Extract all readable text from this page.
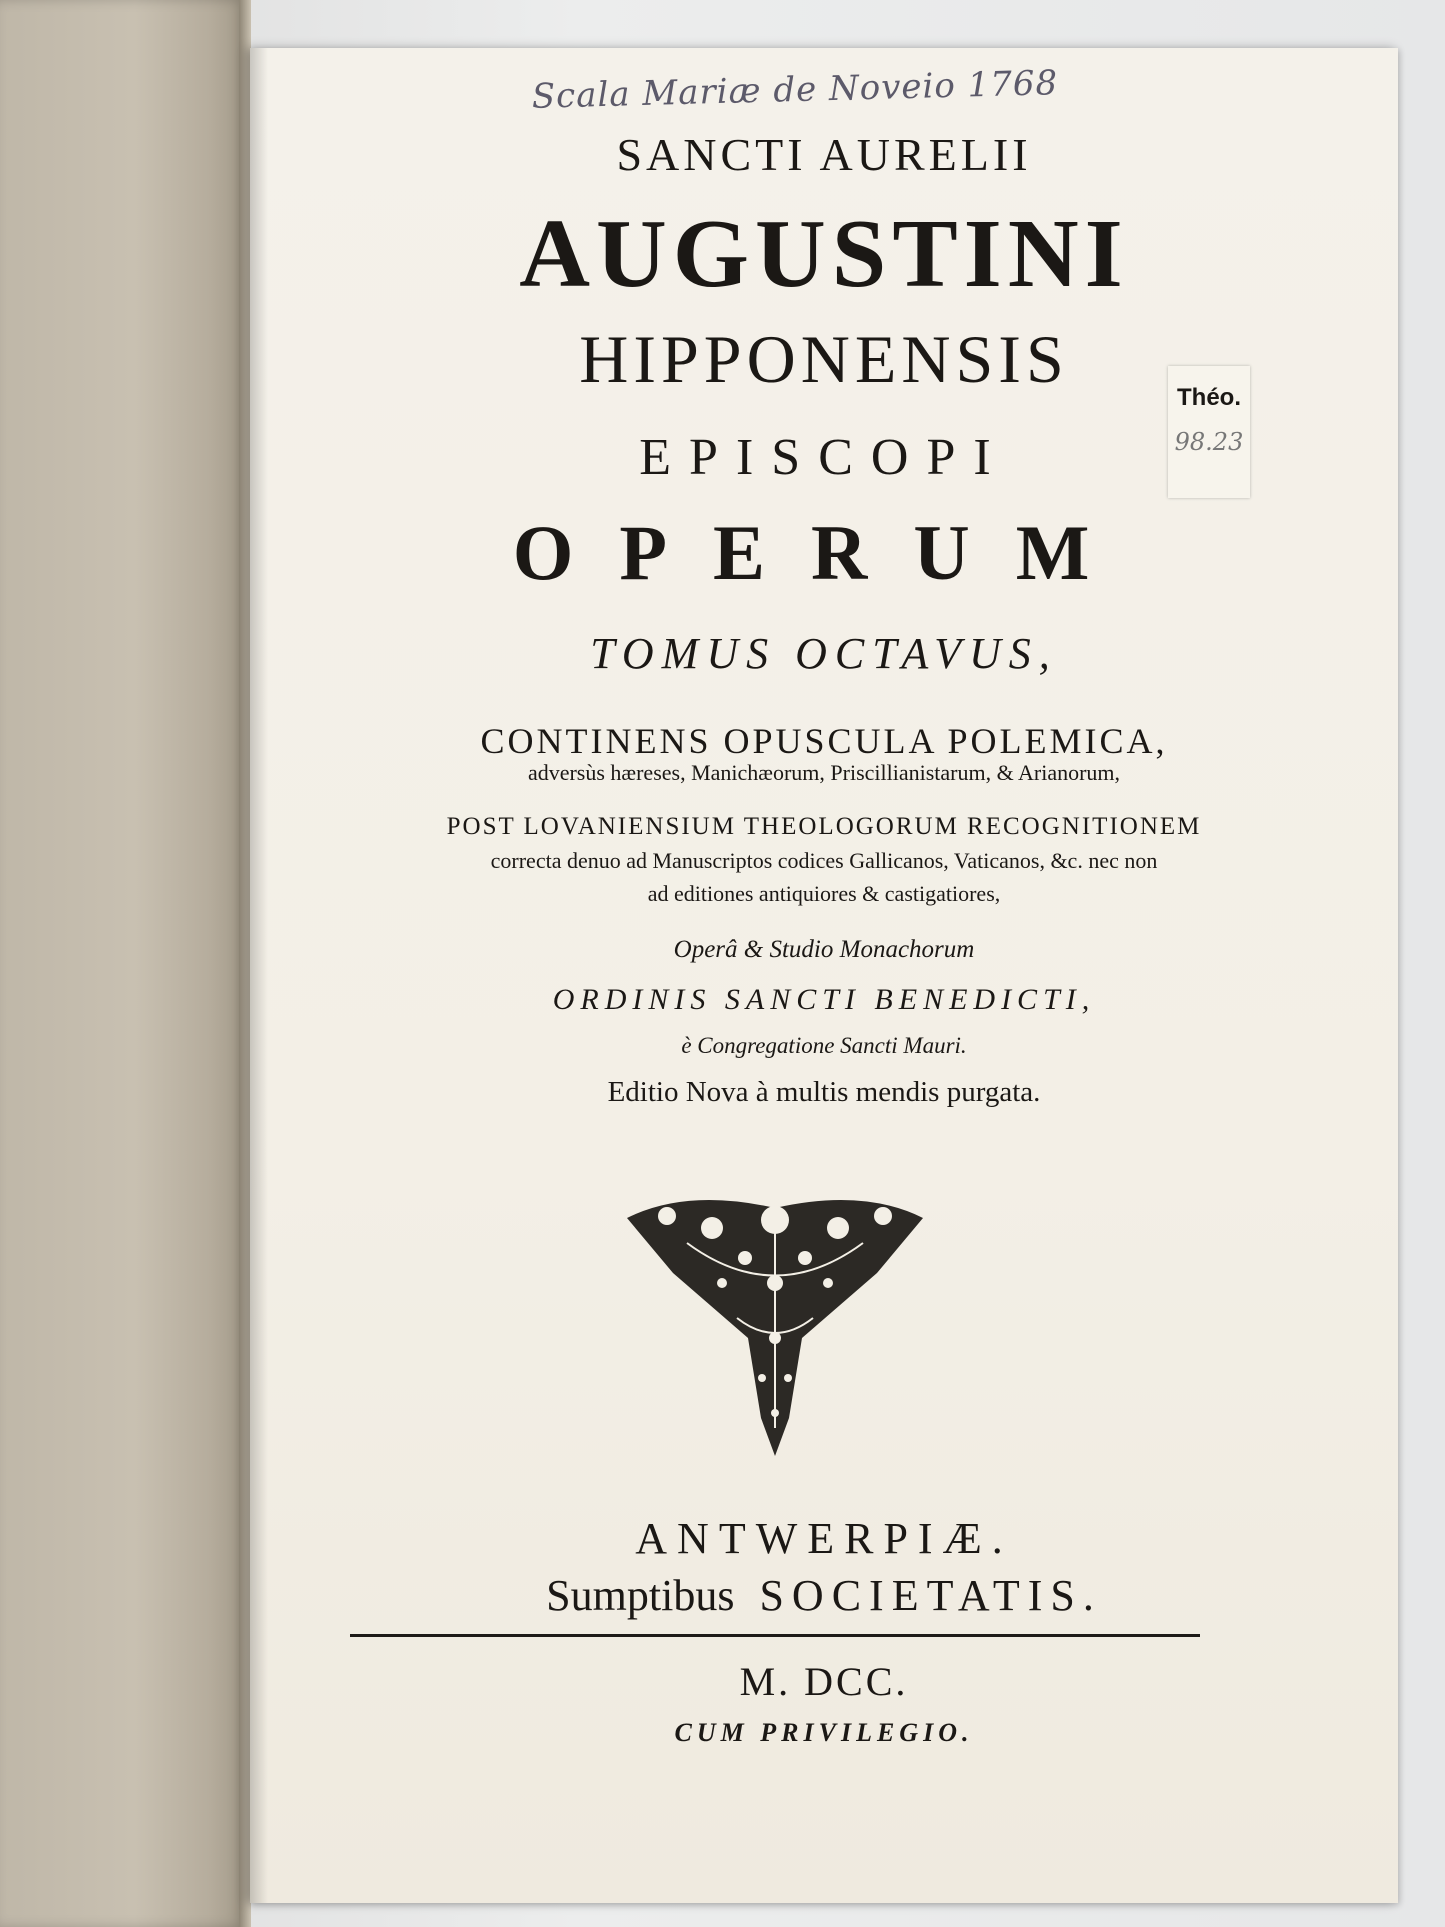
Scala Mariæ de Noveio 1768
Théo.
98.23
SANCTI AURELII
AUGUSTINI
HIPPONENSIS
EPISCOPI
OPERUM
TOMUS OCTAVUS,
CONTINENS OPUSCULA POLEMICA,
adversùs hæreses, Manichæorum, Priscillianistarum, & Arianorum,
POST LOVANIENSIUM THEOLOGORUM RECOGNITIONEM
correcta denuo ad Manuscriptos codices Gallicanos, Vaticanos, &c. nec non
ad editiones antiquiores & castigatiores,
Operâ & Studio Monachorum
ORDINIS SANCTI BENEDICTI,
è Congregatione Sancti Mauri.
Editio Nova à multis mendis purgata.
ANTWERPIÆ.
Sumptibus SOCIETATIS.
M. DCC.
CUM PRIVILEGIO.
